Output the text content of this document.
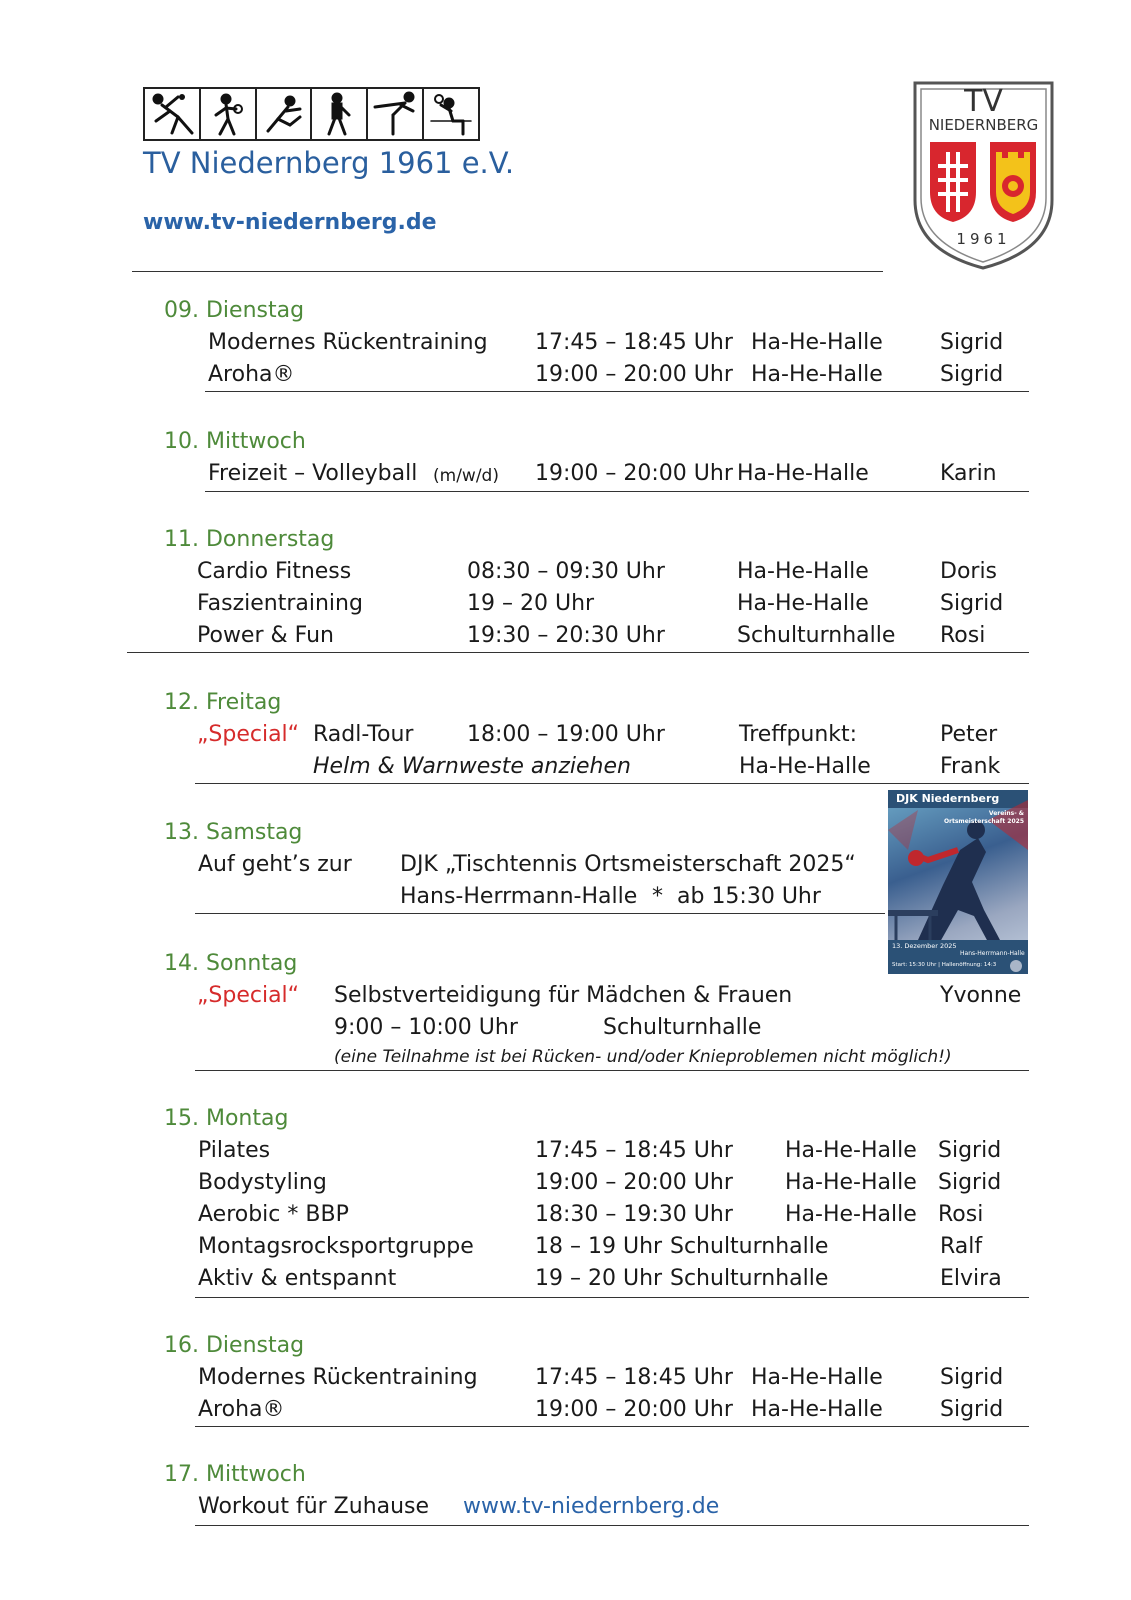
TV Niedernberg 1961 e.V.
www.tv-niedernberg.de
TV
NIEDERNBERG
1961
09. Dienstag
Modernes Rückentraining 17:45 – 18:45 Uhr Ha-He-Halle	Sigrid
Aroha®	19:00 – 20:00 Uhr Ha-He-Halle	Sigrid
10. Mittwoch
Freizeit – Volleyball (m/w/d) 19:00 – 20:00 Uhr Ha-He-Halle	Karin
11. Donnerstag
Cardio Fitness	08:30 – 09:30 Uhr	Ha-He-Halle	Doris
Faszientraining	19 – 20 Uhr	Ha-He-Halle	Sigrid
Power & Fun	19:30 – 20:30 Uhr	Schulturnhalle Rosi
12. Freitag
„Special“ Radl-Tour 18:00 – 19:00 Uhr	Treffpunkt:	Peter
Helm & Warnweste anziehen	Ha-He-Halle	Frank
13. Samstag
Auf geht’s zur DJK „Tischtennis Ortsmeisterschaft 2025“
Hans-Herrmann-Halle * ab 15:30 Uhr
DJK Niedernberg
Vereins- & Ortsmeisterschaft 2025
13. Dezember 2025
Hans-Herrmann-Halle
Start: 15:30 Uhr | Hallenöffnung: 14:3
14. Sonntag
„Special“ Selbstverteidigung für Mädchen & Frauen	Yvonne
9:00 – 10:00 Uhr	Schulturnhalle
(eine Teilnahme ist bei Rücken- und/oder Knieproblemen nicht möglich!)
15. Montag
Pilates	17:45 – 18:45 Uhr Ha-He-Halle Sigrid
Bodystyling	19:00 – 20:00 Uhr Ha-He-Halle Sigrid
Aerobic * BBP	18:30 – 19:30 Uhr Ha-He-Halle Rosi
Montagsrocksportgruppe	18 – 19 Uhr Schulturnhalle	Ralf
Aktiv & entspannt	19 – 20 Uhr Schulturnhalle	Elvira
16. Dienstag
Modernes Rückentraining	17:45 – 18:45 Uhr Ha-He-Halle	Sigrid
Aroha®	19:00 – 20:00 Uhr Ha-He-Halle	Sigrid
17. Mittwoch
Workout für Zuhause www.tv-niedernberg.de
